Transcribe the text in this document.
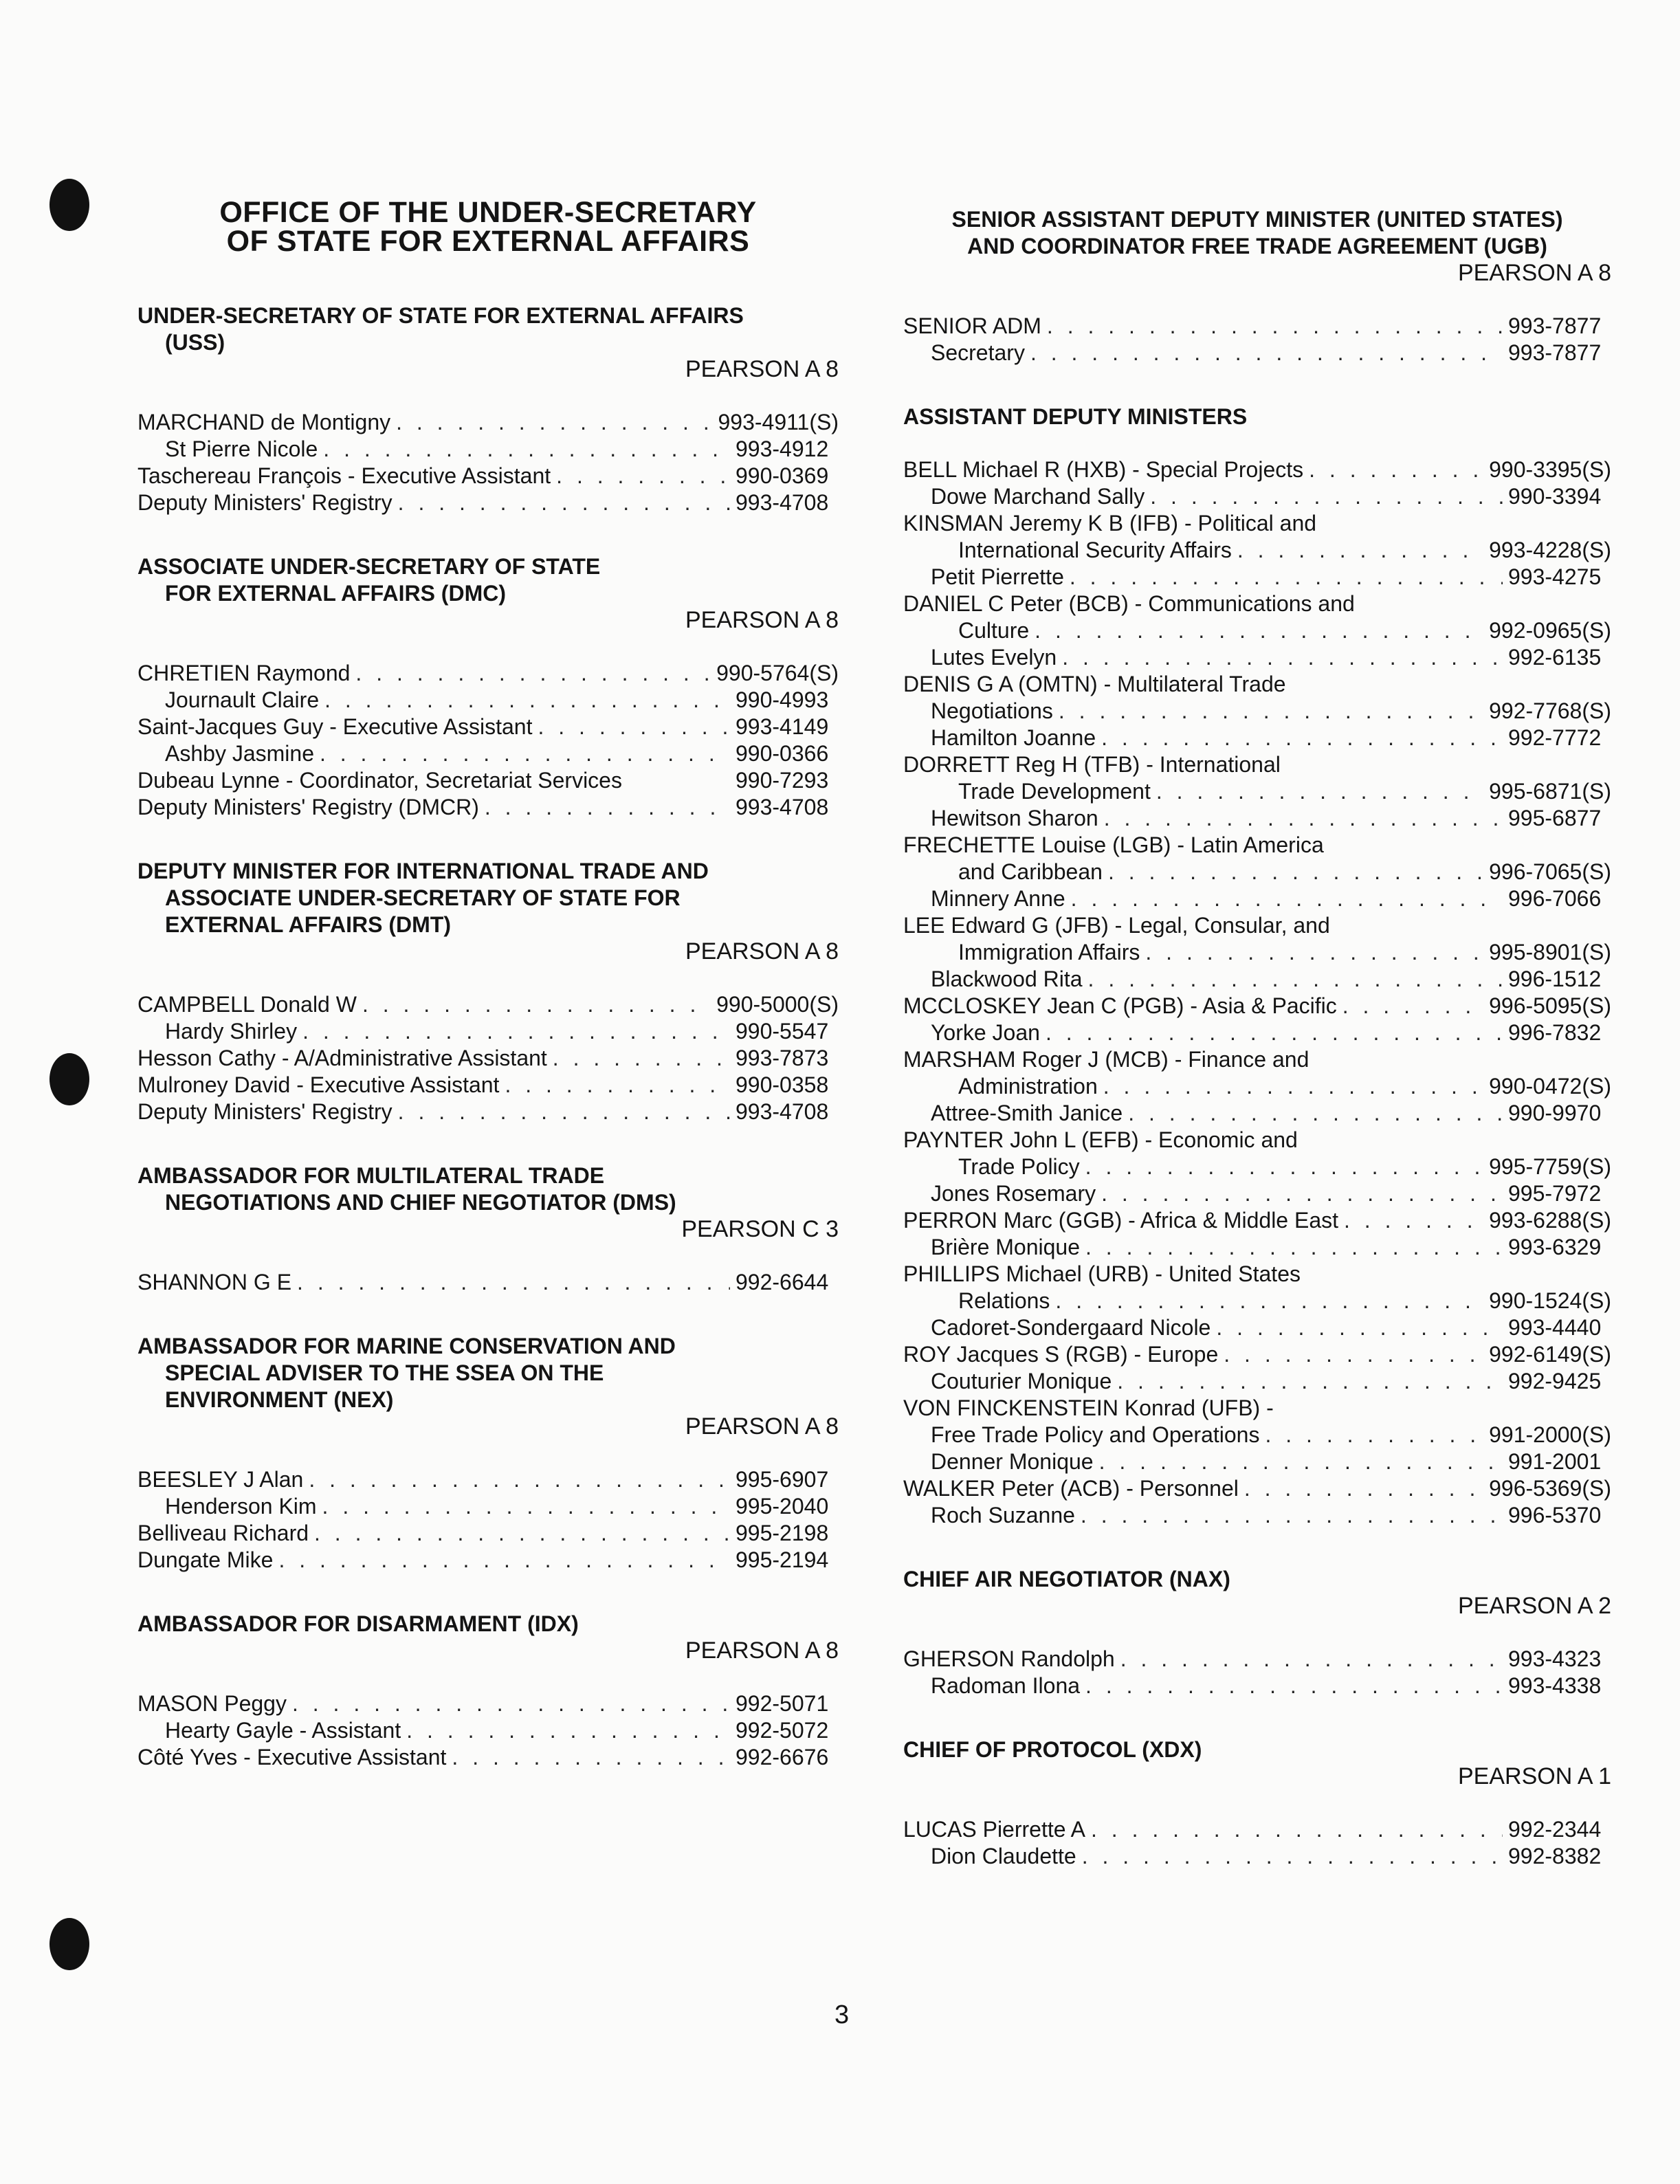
OFFICE OF THE UNDER-SECRETARY
OF STATE FOR EXTERNAL AFFAIRS
UNDER-SECRETARY OF STATE FOR EXTERNAL AFFAIRS
(USS)
PEARSON A 8
MARCHAND de Montigny . . .	993-4911(S)
St Pierre Nicole . . .	993-4912
Taschereau François - Executive Assistant . . .	990-0369
Deputy Ministers' Registry . . .	993-4708
ASSOCIATE UNDER-SECRETARY OF STATE
FOR EXTERNAL AFFAIRS (DMC)
PEARSON A 8
CHRETIEN Raymond . . .	990-5764(S)
Journault Claire . . .	990-4993
Saint-Jacques Guy - Executive Assistant . . .	993-4149
Ashby Jasmine . . .	990-0366
Dubeau Lynne - Coordinator, Secretariat Services	990-7293
Deputy Ministers' Registry (DMCR) . . .	993-4708
DEPUTY MINISTER FOR INTERNATIONAL TRADE AND
ASSOCIATE UNDER-SECRETARY OF STATE FOR
EXTERNAL AFFAIRS (DMT)
PEARSON A 8
CAMPBELL Donald W . . .	990-5000(S)
Hardy Shirley . . .	990-5547
Hesson Cathy - A/Administrative Assistant . . .	993-7873
Mulroney David - Executive Assistant . . .	990-0358
Deputy Ministers' Registry . . .	993-4708
AMBASSADOR FOR MULTILATERAL TRADE
NEGOTIATIONS AND CHIEF NEGOTIATOR (DMS)
PEARSON C 3
SHANNON G E . . .	992-6644
AMBASSADOR FOR MARINE CONSERVATION AND
SPECIAL ADVISER TO THE SSEA ON THE
ENVIRONMENT (NEX)
PEARSON A 8
BEESLEY J Alan . . .	995-6907
Henderson Kim . . .	995-2040
Belliveau Richard . . .	995-2198
Dungate Mike . . .	995-2194
AMBASSADOR FOR DISARMAMENT (IDX)
PEARSON A 8
MASON Peggy . . .	992-5071
Hearty Gayle - Assistant . . .	992-5072
Côté Yves - Executive Assistant . . .	992-6676
SENIOR ASSISTANT DEPUTY MINISTER (UNITED STATES)
AND COORDINATOR FREE TRADE AGREEMENT (UGB)
PEARSON A 8
SENIOR ADM . . .	993-7877
Secretary . . .	993-7877
ASSISTANT DEPUTY MINISTERS
BELL Michael R (HXB) - Special Projects . . .	990-3395(S)
Dowe Marchand Sally . . .	990-3394
KINSMAN Jeremy K B (IFB) - Political and
International Security Affairs . . .	993-4228(S)
Petit Pierrette . . .	993-4275
DANIEL C Peter (BCB) - Communications and
Culture . . .	992-0965(S)
Lutes Evelyn . . .	992-6135
DENIS G A (OMTN) - Multilateral Trade
Negotiations . . .	992-7768(S)
Hamilton Joanne . . .	992-7772
DORRETT Reg H (TFB) - International
Trade Development . . .	995-6871(S)
Hewitson Sharon . . .	995-6877
FRECHETTE Louise (LGB) - Latin America
and Caribbean . . .	996-7065(S)
Minnery Anne . . .	996-7066
LEE Edward G (JFB) - Legal, Consular, and
Immigration Affairs . . .	995-8901(S)
Blackwood Rita . . .	996-1512
MCCLOSKEY Jean C (PGB) - Asia & Pacific . . .	996-5095(S)
Yorke Joan . . .	996-7832
MARSHAM Roger J (MCB) - Finance and
Administration . . .	990-0472(S)
Attree-Smith Janice . . .	990-9970
PAYNTER John L (EFB) - Economic and
Trade Policy . . .	995-7759(S)
Jones Rosemary . . .	995-7972
PERRON Marc (GGB) - Africa & Middle East . . .	993-6288(S)
Brière Monique . . .	993-6329
PHILLIPS Michael (URB) - United States
Relations . . .	990-1524(S)
Cadoret-Sondergaard Nicole . . .	993-4440
ROY Jacques S (RGB) - Europe . . .	992-6149(S)
Couturier Monique . . .	992-9425
VON FINCKENSTEIN Konrad (UFB) -
Free Trade Policy and Operations . . .	991-2000(S)
Denner Monique . . .	991-2001
WALKER Peter (ACB) - Personnel . . .	996-5369(S)
Roch Suzanne . . .	996-5370
CHIEF AIR NEGOTIATOR (NAX)
PEARSON A 2
GHERSON Randolph . . .	993-4323
Radoman Ilona . . .	993-4338
CHIEF OF PROTOCOL (XDX)
PEARSON A 1
LUCAS Pierrette A . . .	992-2344
Dion Claudette . . .	992-8382
3
